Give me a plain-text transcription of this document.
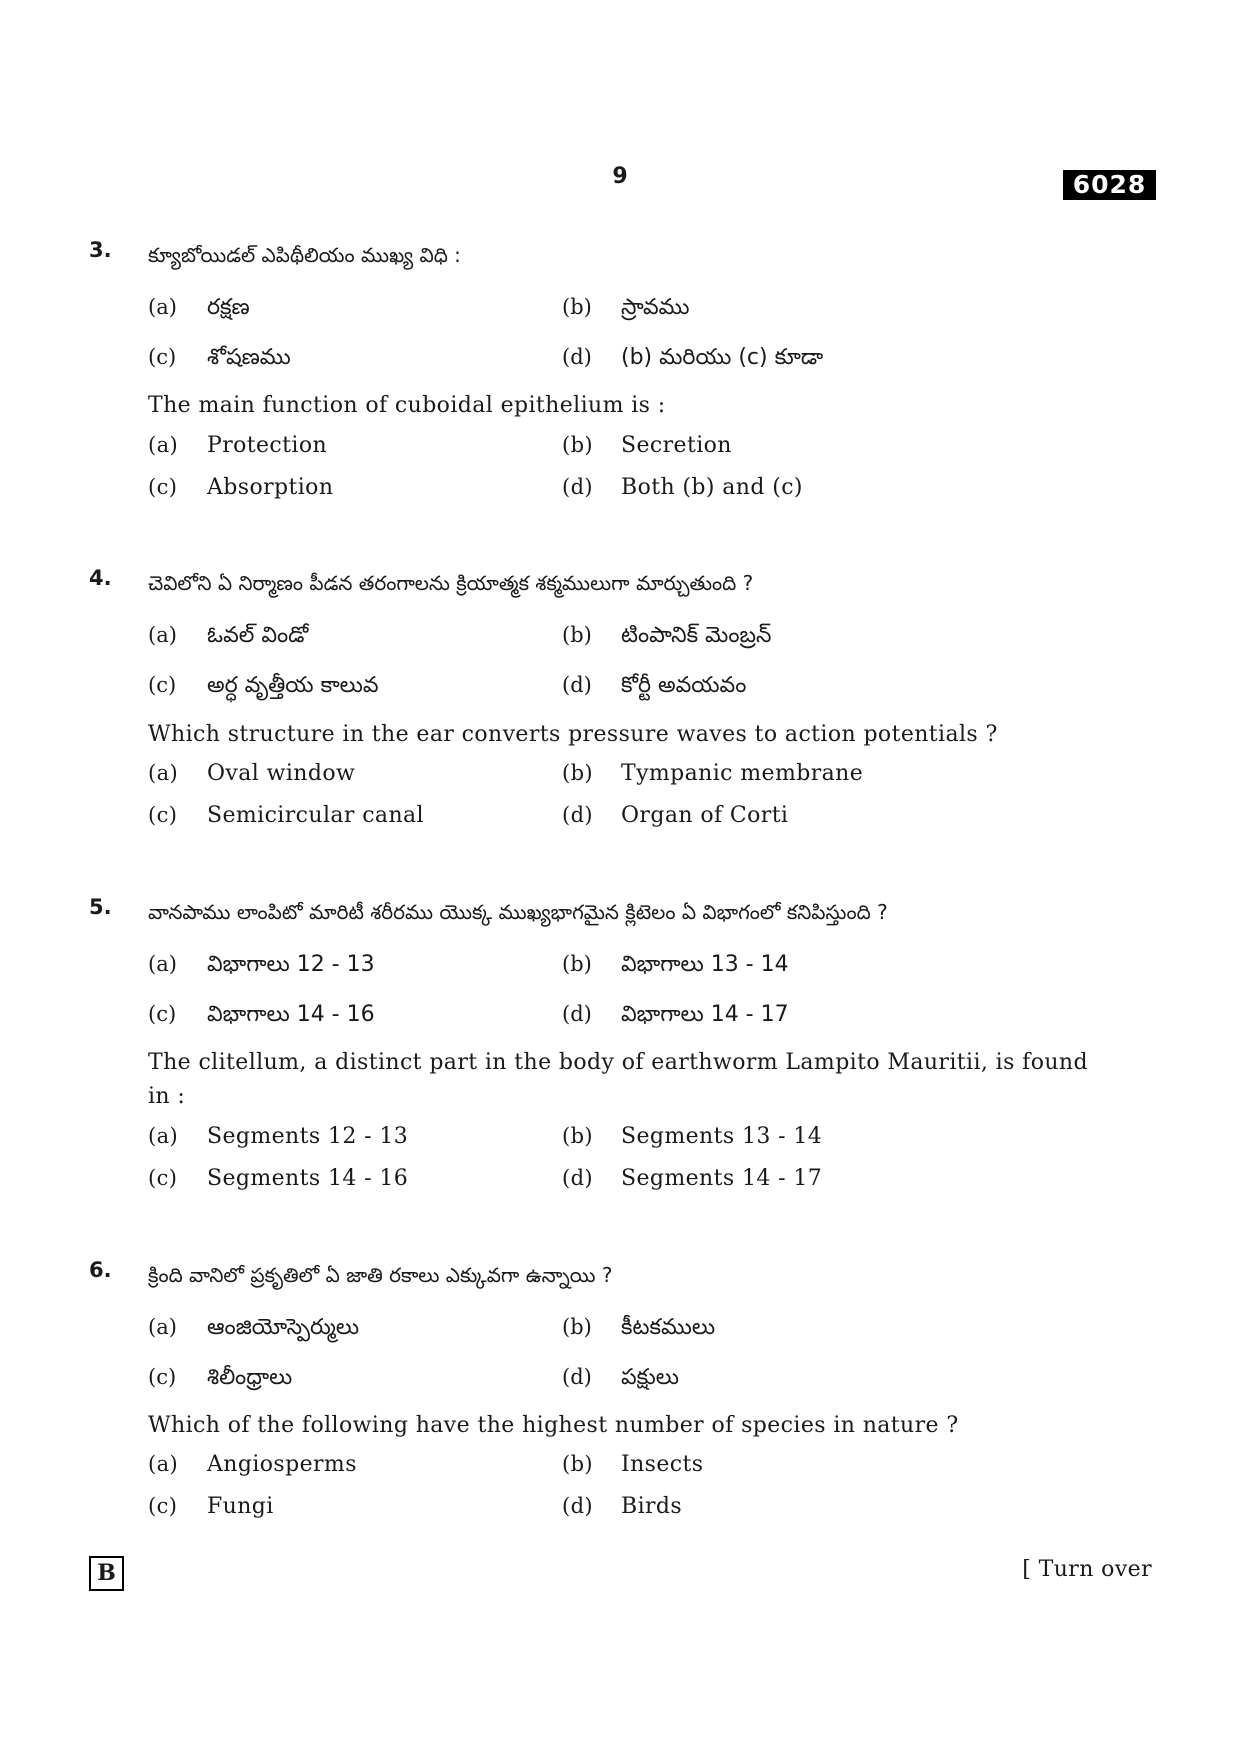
9	6028
3. క్యూబోయిడల్ ఎపిథీలియం ముఖ్య విధి :
(a) రక్షణ	(b) స్రావము
(c) శోషణము	(d) (b) మరియు (c) కూడా
The main function of cuboidal epithelium is :
(a) Protection	(b) Secretion
(c) Absorption	(d) Both (b) and (c)
4. చెవిలోని ఏ నిర్మాణం పీడన తరంగాలను క్రియాత్మక శక్మములుగా మార్చుతుంది ?
(a) ఓవల్ విండో	(b) టింపానిక్ మెంబ్రన్
(c) అర్ధ వృత్తీయ కాలువ	(d) కోర్టీ అవయవం
Which structure in the ear converts pressure waves to action potentials ?
(a) Oval window	(b) Tympanic membrane
(c) Semicircular canal	(d) Organ of Corti
5. వానపాము లాంపిటో మారిటీ శరీరము యొక్క ముఖ్యభాగమైన క్లిటెలం ఏ విభాగంలో కనిపిస్తుంది ?
(a) విభాగాలు 12 - 13	(b) విభాగాలు 13 - 14
(c) విభాగాలు 14 - 16	(d) విభాగాలు 14 - 17
The clitellum, a distinct part in the body of earthworm Lampito Mauritii, is found in :
(a) Segments 12 - 13	(b) Segments 13 - 14
(c) Segments 14 - 16	(d) Segments 14 - 17
6. క్రింది వానిలో ప్రకృతిలో ఏ జాతి రకాలు ఎక్కువగా ఉన్నాయి ?
(a) ఆంజియోస్పెర్ములు	(b) కీటకములు
(c) శిలీంధ్రాలు	(d) పక్షులు
Which of the following have the highest number of species in nature ?
(a) Angiosperms	(b) Insects
(c) Fungi	(d) Birds
B	[ Turn over
